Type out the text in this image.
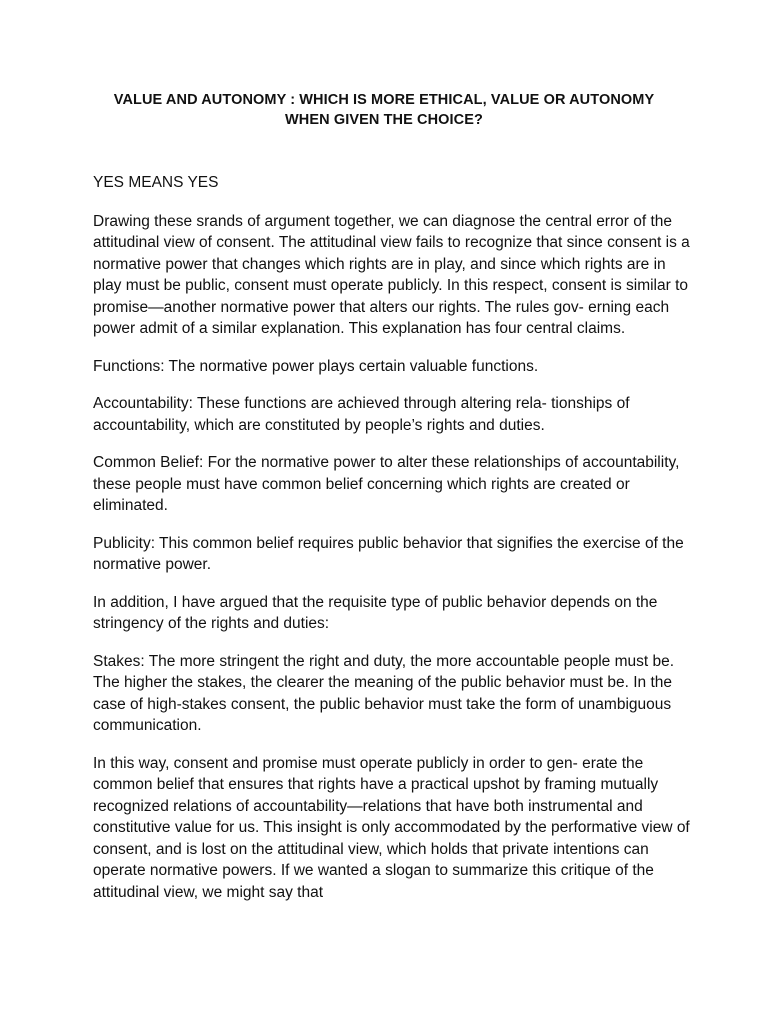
VALUE AND AUTONOMY : WHICH IS MORE ETHICAL, VALUE OR AUTONOMY
WHEN GIVEN THE CHOICE?

YES MEANS YES

Drawing these srands of argument together, we can diagnose the central error of the attitudinal view of consent. The attitudinal view fails to recognize that since consent is a normative power that changes which rights are in play, and since which rights are in play must be public, consent must operate publicly. In this respect, consent is similar to promise—another normative power that alters our rights. The rules gov- erning each power admit of a similar explanation. This explanation has four central claims.

Functions: The normative power plays certain valuable functions.

Accountability: These functions are achieved through altering rela- tionships of accountability, which are constituted by people’s rights and duties.

Common Belief: For the normative power to alter these relationships of accountability, these people must have common belief concerning which rights are created or eliminated.

Publicity: This common belief requires public behavior that signifies the exercise of the normative power.

In addition, I have argued that the requisite type of public behavior depends on the stringency of the rights and duties:

Stakes: The more stringent the right and duty, the more accountable people must be. The higher the stakes, the clearer the meaning of the public behavior must be. In the case of high-stakes consent, the public behavior must take the form of unambiguous communication.

In this way, consent and promise must operate publicly in order to gen- erate the common belief that ensures that rights have a practical upshot by framing mutually recognized relations of accountability—relations that have both instrumental and constitutive value for us. This insight is only accommodated by the performative view of consent, and is lost on the attitudinal view, which holds that private intentions can operate normative powers. If we wanted a slogan to summarize this critique of the attitudinal view, we might say that
